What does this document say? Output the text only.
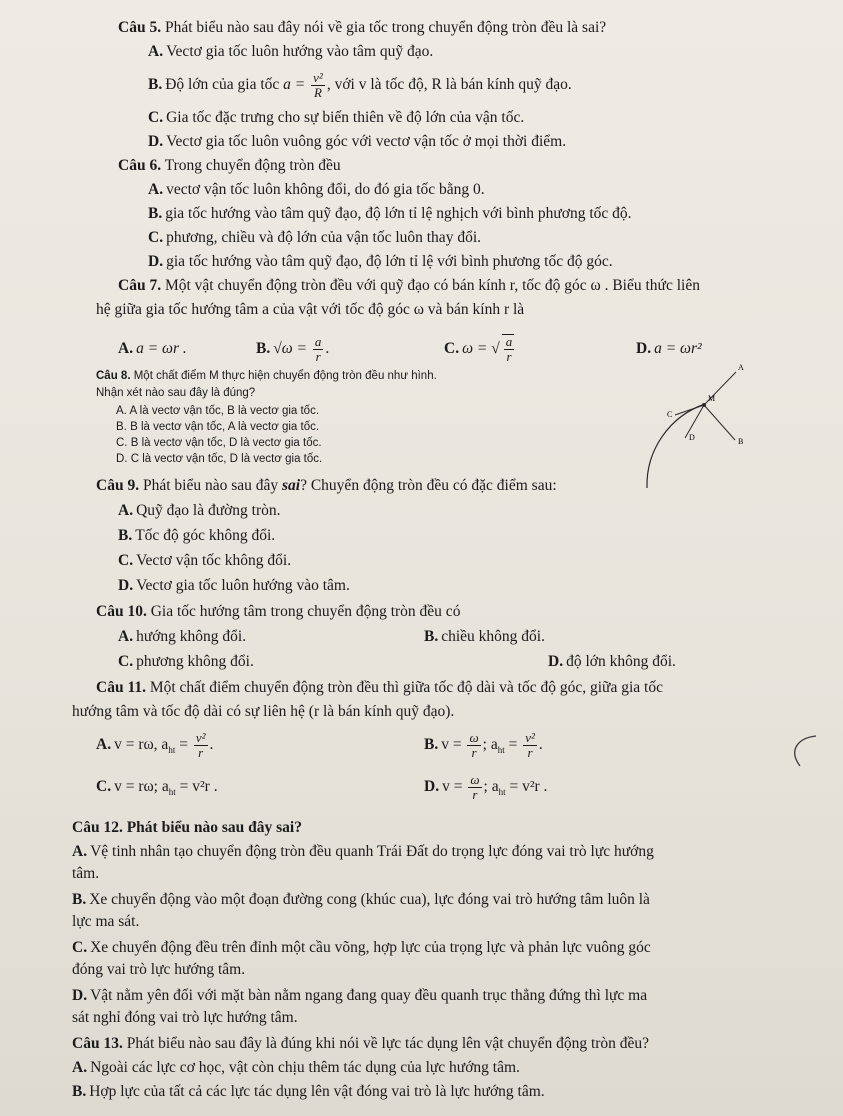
Câu 5. Phát biểu nào sau đây nói về gia tốc trong chuyển động tròn đều là sai?
A. Vectơ gia tốc luôn hướng vào tâm quỹ đạo.
B. Độ lớn của gia tốc $a = \frac{\text{v²}}{R}$ , với v là tốc độ, R là bán kính quỹ đạo.
C. Gia tốc đặc trưng cho sự biến thiên về độ lớn của vận tốc.
D. Vectơ gia tốc luôn vuông góc với vectơ vận tốc ở mọi thời điểm.
Câu 6. Trong chuyển động tròn đều
A. vectơ vận tốc luôn không đổi, do đó gia tốc bằng 0.
B. gia tốc hướng vào tâm quỹ đạo, độ lớn tỉ lệ nghịch với bình phương tốc độ.
C. phương, chiều và độ lớn của vận tốc luôn thay đổi.
D. gia tốc hướng vào tâm quỹ đạo, độ lớn tỉ lệ với bình phương tốc độ góc.
Câu 7. Một vật chuyển động tròn đều với quỹ đạo có bán kính r, tốc độ góc ω . Biểu thức liên
hệ giữa gia tốc hướng tâm a của vật với tốc độ góc ω và bán kính r là
A. a = ωr .	B. $√\omega = \frac{a}{r}$ .	C. ω = √ $\frac{a}{r}$	D. a = ωr²
Câu 8. Một chất điểm M thực hiện chuyển động tròn đều như hình.
Nhận xét nào sau đây là đúng?
A. A là vectơ vận tốc, B là vectơ gia tốc.
B. B là vectơ vận tốc, A là vectơ gia tốc.
C. B là vectơ vận tốc, D là vectơ gia tốc.
D. C là vectơ vận tốc, D là vectơ gia tốc.
A
M
C
D	B
Câu 9. Phát biểu nào sau đây sai? Chuyển động tròn đều có đặc điểm sau:
A. Quỹ đạo là đường tròn.
B. Tốc độ góc không đổi.
C. Vectơ vận tốc không đổi.
D. Vectơ gia tốc luôn hướng vào tâm.
Câu 10. Gia tốc hướng tâm trong chuyển động tròn đều có
A. hướng không đổi.	B. chiều không đổi.
C. phương không đổi.	D. độ lớn không đổi.
Câu 11. Một chất điểm chuyển động tròn đều thì giữa tốc độ dài và tốc độ góc, giữa gia tốc
hướng tâm và tốc độ dài có sự liên hệ (r là bán kính quỹ đạo).
A. v = rω, $a_{ht} = \frac{\text{v²}}{r}$ .	B. $v = \frac{\omega}{r}$ ; $a_{ht} = \frac{\text{v²}}{r}$ .
C. v = rω; $a_{ht} = v^2r$ .	D. $v = \frac{\omega}{r}$ ; $a_{ht} = v^2r$ .
Câu 12. Phát biểu nào sau đây sai?
A. Vệ tinh nhân tạo chuyển động tròn đều quanh Trái Đất do trọng lực đóng vai trò lực hướng
tâm.
B. Xe chuyển động vào một đoạn đường cong (khúc cua), lực đóng vai trò hướng tâm luôn là
lực ma sát.
C. Xe chuyển động đều trên đỉnh một cầu võng, hợp lực của trọng lực và phản lực vuông góc
đóng vai trò lực hướng tâm.
D. Vật nằm yên đối với mặt bàn nằm ngang đang quay đều quanh trục thẳng đứng thì lực ma
sát nghỉ đóng vai trò lực hướng tâm.
Câu 13. Phát biểu nào sau đây là đúng khi nói về lực tác dụng lên vật chuyển động tròn đều?
A. Ngoài các lực cơ học, vật còn chịu thêm tác dụng của lực hướng tâm.
B. Hợp lực của tất cả các lực tác dụng lên vật đóng vai trò là lực hướng tâm.
